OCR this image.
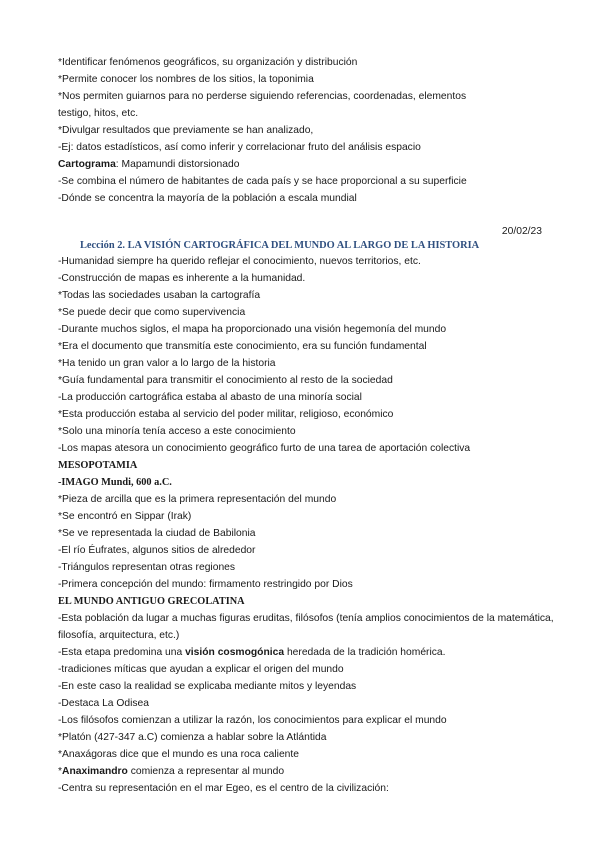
*Identificar fenómenos geográficos, su organización y distribución
*Permite conocer los nombres de los sitios, la toponimia
*Nos permiten guiarnos para no perderse siguiendo referencias, coordenadas, elementos
testigo, hitos, etc.
*Divulgar resultados que previamente se han analizado,
-Ej: datos estadísticos, así como inferir y correlacionar fruto del análisis espacio
Cartograma: Mapamundi distorsionado
-Se combina el número de habitantes de cada país y se hace proporcional a su superficie
-Dónde se concentra la mayoría de la población a escala mundial
20/02/23
Lección 2. LA VISIÓN CARTOGRÁFICA DEL MUNDO AL LARGO DE LA HISTORIA
-Humanidad siempre ha querido reflejar el conocimiento, nuevos territorios, etc.
-Construcción de mapas es inherente a la humanidad.
*Todas las sociedades usaban la cartografía
*Se puede decir que como supervivencia
-Durante muchos siglos, el mapa ha proporcionado una visión hegemonía del mundo
*Era el documento que transmitía este conocimiento, era su función fundamental
*Ha tenido un gran valor a lo largo de la historia
*Guía fundamental para transmitir el conocimiento al resto de la sociedad
-La producción cartográfica estaba al abasto de una minoría social
*Esta producción estaba al servicio del poder militar, religioso, económico
*Solo una minoría tenía acceso a este conocimiento
-Los mapas atesora un conocimiento geográfico furto de una tarea de aportación colectiva
MESOPOTAMIA
-IMAGO Mundi, 600 a.C.
*Pieza de arcilla que es la primera representación del mundo
*Se encontró en Sippar (Irak)
*Se ve representada la ciudad de Babilonia
-El río Éufrates, algunos sitios de alrededor
-Triángulos representan otras regiones
-Primera concepción del mundo: firmamento restringido por Dios
EL MUNDO ANTIGUO GRECOLATINA
-Esta población da lugar a muchas figuras eruditas, filósofos (tenía amplios conocimientos de la matemática,
filosofía, arquitectura, etc.)
-Esta etapa predomina una visión cosmogónica heredada de la tradición homérica.
-tradiciones míticas que ayudan a explicar el origen del mundo
-En este caso la realidad se explicaba mediante mitos y leyendas
-Destaca La Odisea
-Los filósofos comienzan a utilizar la razón, los conocimientos para explicar el mundo
*Platón (427-347 a.C) comienza a hablar sobre la Atlántida
*Anaxágoras dice que el mundo es una roca caliente
*Anaximandro comienza a representar al mundo
-Centra su representación en el mar Egeo, es el centro de la civilización:
